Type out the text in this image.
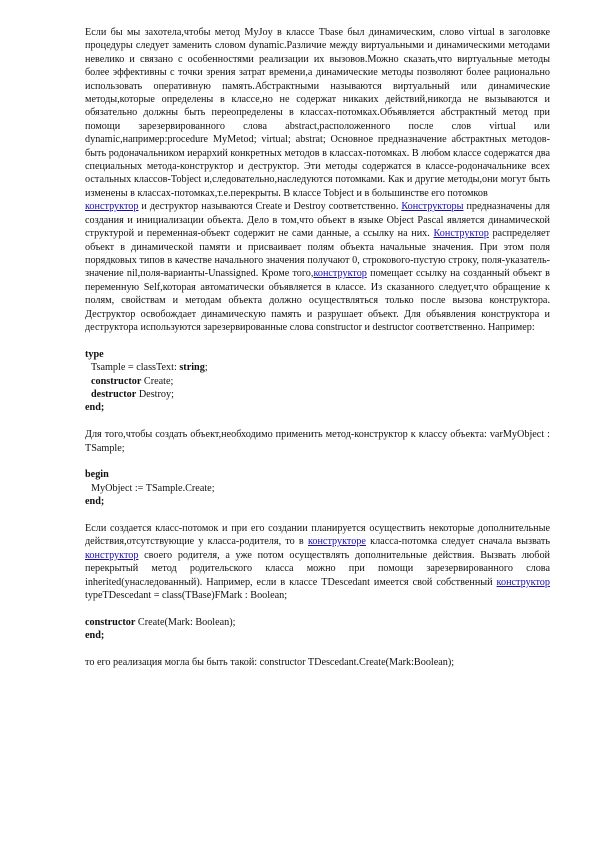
Если бы мы захотела,чтобы метод MyJoy в классе Tbase был динамическим, слово virtual в заголовке процедуры следует заменить словом dynamic.Различие между виртуальными и динамическими методами невелико и связано с особенностями реализации их вызовов.Можно сказать,что виртуальные методы более эффективны с точки зрения затрат времени,а динамические методы позволяют более рационально использовать оперативную память.Абстрактными называются виртуальный или динамические методы,которые определены в классе,но не содержат никаких действий,никогда не вызываются и обязательно должны быть переопределены в классах-потомках.Объявляется абстрактный метод при помощи зарезервированного слова abstract,расположенного после слов virtual или dynamic,например:procedure MyMetod; virtual; abstrat; Основное предназначение абстрактных методов-быть родоначальником иерархий конкретных методов в классах-потомках. В любом классе содержатся два специальных метода-конструктор и деструктор. Эти методы содержатся в классе-родоначальнике всех остальных классов-Tobject и,следовательно,наследуются потомками. Как и другие методы,они могут быть изменены в классах-потомках,т.е.перекрыты. В классе Tobject и в большинстве его потомков
конструктор и деструктор называются Create и Destroy соответственно. Конструкторы предназначены для создания и инициализации объекта. Дело в том,что объект в языке Object Pascal является динамической структурой и переменная-объект содержит не сами данные, а ссылку на них. Конструктор распределяет объект в динамической памяти и присваивает полям объекта начальные значения. При этом поля порядковых типов в качестве начального значения получают 0, строкового-пустую строку, поля-указатель-значение nil,поля-варианты-Unassigned. Кроме того,конструктор помещает ссылку на созданный объект в переменную Self,которая автоматически объявляется в классе. Из сказанного следует,что обращение к полям, свойствам и методам объекта должно осуществляться только после вызова конструктора. Деструктор освобождает динамическую память и разрушает объект. Для объявления конструктора и деструктора используются зарезервированные слова constructor и destructor соответственно. Например:

type
Tsample = classText: string;
constructor Create;
destructor Destroy;
end;

Для того,чтобы создать объект,необходимо применить метод-конструктор к классу объекта: varMyObject : TSample;

begin
MyObject := TSample.Create;
end;

Если создается класс-потомок и при его создании планируется осуществить некоторые дополнительные действия,отсутствующие у класса-родителя, то в конструкторе класса-потомка следует сначала вызвать конструктор своего родителя, а уже потом осуществлять дополнительные действия. Вызвать любой перекрытый метод родительского класса можно при помощи зарезервированного слова inherited(унаследованный). Например, если в классе TDescedant имеется свой собственный конструктор typeTDescedant = class(TBase)FMark : Boolean;

constructor Create(Mark: Boolean);
end;

то его реализация могла бы быть такой: constructor TDescedant.Create(Mark:Boolean);
